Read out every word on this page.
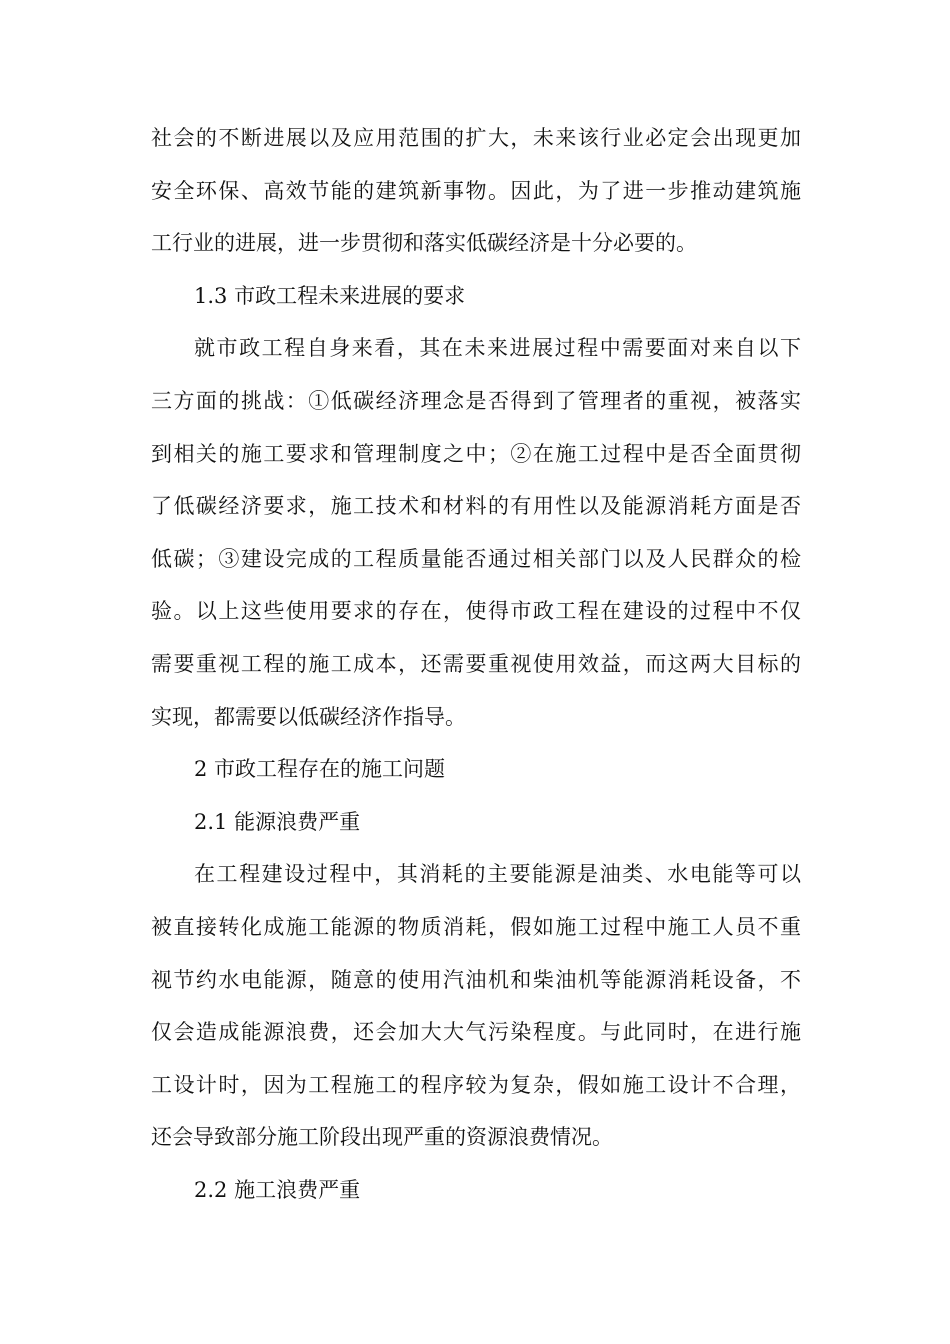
社会的不断进展以及应用范围的扩大，未来该行业必定会出现更加
安全环保、高效节能的建筑新事物。因此，为了进一步推动建筑施
工行业的进展，进一步贯彻和落实低碳经济是十分必要的。
1.3 市政工程未来进展的要求
就市政工程自身来看，其在未来进展过程中需要面对来自以下
三方面的挑战：①低碳经济理念是否得到了管理者的重视，被落实
到相关的施工要求和管理制度之中；②在施工过程中是否全面贯彻
了低碳经济要求，施工技术和材料的有用性以及能源消耗方面是否
低碳；③建设完成的工程质量能否通过相关部门以及人民群众的检
验。以上这些使用要求的存在，使得市政工程在建设的过程中不仅
需要重视工程的施工成本，还需要重视使用效益，而这两大目标的
实现，都需要以低碳经济作指导。
2 市政工程存在的施工问题
2.1 能源浪费严重
在工程建设过程中，其消耗的主要能源是油类、水电能等可以
被直接转化成施工能源的物质消耗，假如施工过程中施工人员不重
视节约水电能源，随意的使用汽油机和柴油机等能源消耗设备，不
仅会造成能源浪费，还会加大大气污染程度。与此同时，在进行施
工设计时，因为工程施工的程序较为复杂，假如施工设计不合理，
还会导致部分施工阶段出现严重的资源浪费情况。
2.2 施工浪费严重
